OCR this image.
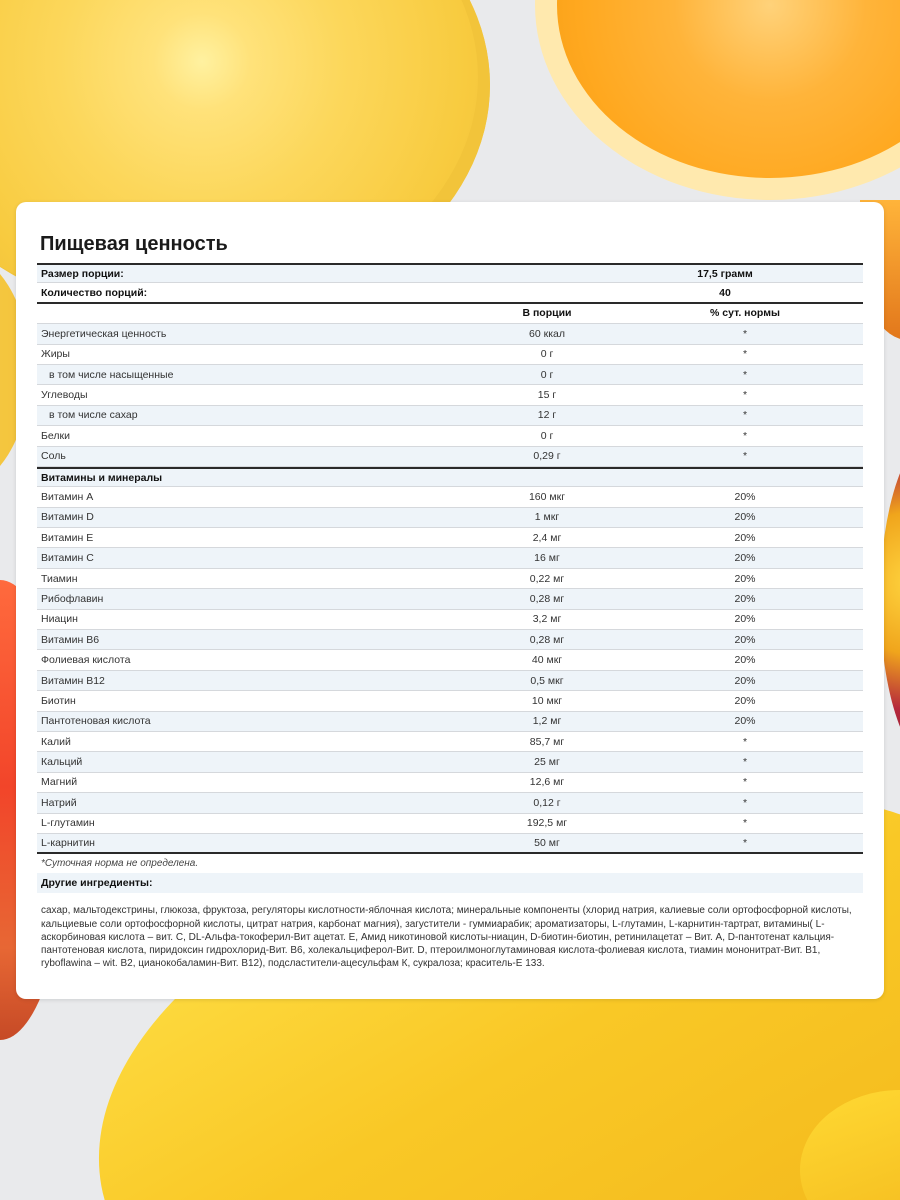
Пищевая ценность
Размер порции:	17,5 грамм
Количество порций:	40
В порции	% сут. нормы
Энергетическая ценность	60 ккал	*
Жиры	0 г	*
в том числе насыщенные	0 г	*
Углеводы	15 г	*
в том числе сахар	12 г	*
Белки	0 г	*
Соль	0,29 г	*
Витамины и минералы
Витамин А	160 мкг	20%
Витамин D	1 мкг	20%
Витамин Е	2,4 мг	20%
Витамин С	16 мг	20%
Тиамин	0,22 мг	20%
Рибофлавин	0,28 мг	20%
Ниацин	3,2 мг	20%
Витамин В6	0,28 мг	20%
Фолиевая кислота	40 мкг	20%
Витамин В12	0,5 мкг	20%
Биотин	10 мкг	20%
Пантотеновая кислота	1,2 мг	20%
Калий	85,7 мг	*
Кальций	25 мг	*
Магний	12,6 мг	*
Натрий	0,12 г	*
L-глутамин	192,5 мг	*
L-карнитин	50 мг	*
*Суточная норма не определена.
Другие ингредиенты:
сахар, мальтодекстрины, глюкоза, фруктоза, регуляторы кислотности-яблочная кислота; минеральные компоненты (хлорид натрия, калиевые соли ортофосфорной кислоты, кальциевые соли ортофосфорной кислоты, цитрат натрия, карбонат магния), загустители - гуммиарабик; ароматизаторы, L-глутамин, L-карнитин-тартрат, витамины( L-аскорбиновая кислота – вит. С, DL-Альфа-токоферил-Вит ацетат. Е, Амид никотиновой кислоты-ниацин, D-биотин-биотин, ретинилацетат – Вит. А, D-пантотенат кальция-пантотеновая кислота, пиридоксин гидрохлорид-Вит. В6, холекальциферол-Вит. D, птероилмоноглутаминовая кислота-фолиевая кислота, тиамин мононитрат-Вит. В1, ryboflawina – wit. В2, цианокобаламин-Вит. В12), подсластители-ацесульфам К, сукралоза; краситель-Е 133.
